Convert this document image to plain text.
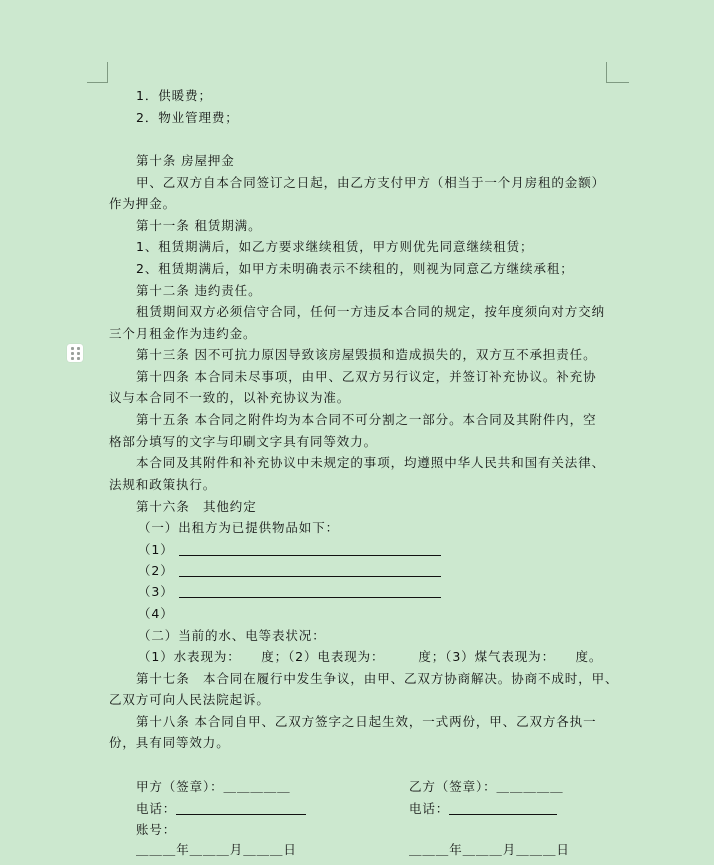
1．供暖费；
2．物业管理费；
第十条 房屋押金
甲、乙双方自本合同签订之日起，由乙方支付甲方（相当于一个月房租的金额）
作为押金。
第十一条 租赁期满。
1、租赁期满后，如乙方要求继续租赁，甲方则优先同意继续租赁；
2、租赁期满后，如甲方未明确表示不续租的，则视为同意乙方继续承租；
第十二条 违约责任。
租赁期间双方必须信守合同，任何一方违反本合同的规定，按年度须向对方交纳
三个月租金作为违约金。
第十三条 因不可抗力原因导致该房屋毁损和造成损失的，双方互不承担责任。
第十四条 本合同未尽事项，由甲、乙双方另行议定，并签订补充协议。补充协
议与本合同不一致的，以补充协议为准。
第十五条 本合同之附件均为本合同不可分割之一部分。本合同及其附件内，空
格部分填写的文字与印刷文字具有同等效力。
本合同及其附件和补充协议中未规定的事项，均遵照中华人民共和国有关法律、
法规和政策执行。
第十六条　其他约定
（一）出租方为已提供物品如下：
（1）
（2）
（3）
（4）
（二）当前的水、电等表状况：
（1）水表现为：　　度；（2）电表现为：　　　度；（3）煤气表现为：　　度。
第十七条　本合同在履行中发生争议，由甲、乙双方协商解决。协商不成时，甲、
乙双方可向人民法院起诉。
第十八条 本合同自甲、乙双方签字之日起生效，一式两份，甲、乙双方各执一
份，具有同等效力。
甲方（签章）：＿＿＿＿＿
电话：
账号：
＿＿＿年＿＿＿月＿＿＿日
乙方（签章）：＿＿＿＿＿
电话：
＿＿＿年＿＿＿月＿＿＿日
